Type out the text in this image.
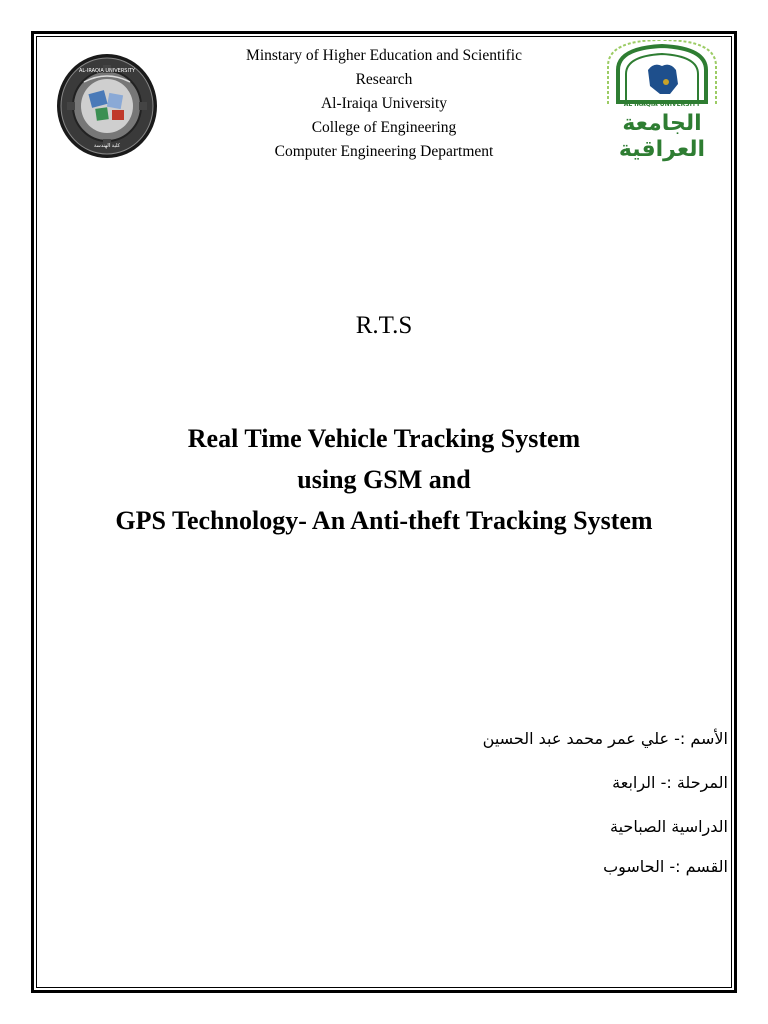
AL-IRAQIA UNIVERSITY
كلية الهندسة
Minstary of Higher Education and Scientific
Research
Al-Iraiqa University
College of Engineering
Computer Engineering Department
AL IRAQIA UNIVERSITY
الجامعة
العراقية
R.T.S
Real Time Vehicle Tracking System
using GSM and
GPS Technology- An Anti-theft Tracking System
الأسم :- علي عمر محمد عبد الحسين
المرحلة :- الرابعة
الدراسية الصباحية
القسم :- الحاسوب
